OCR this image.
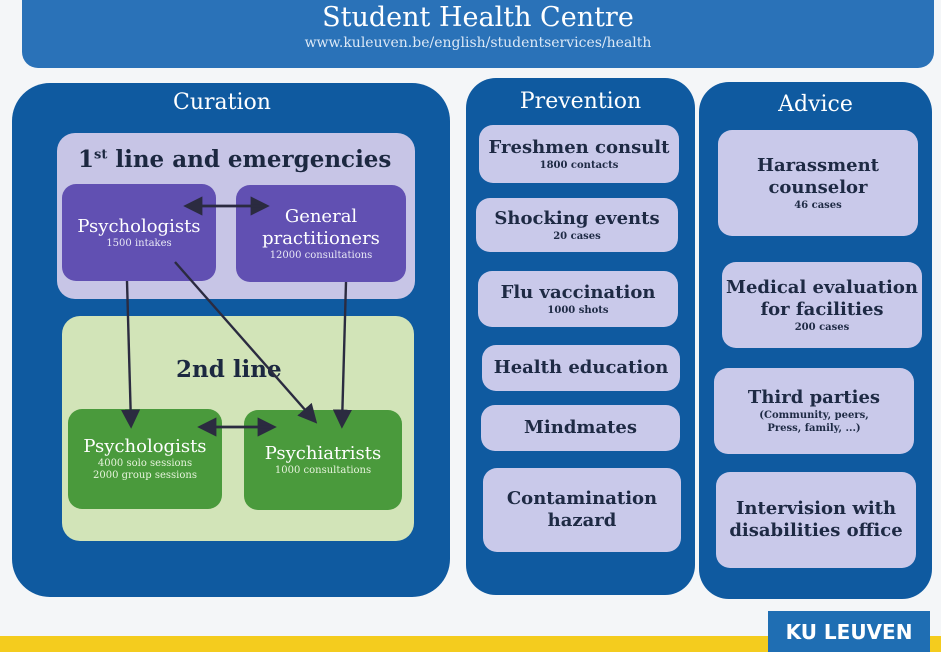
Student Health Centre
www.kuleuven.be/english/studentservices/health
Curation
1st line and emergencies
Psychologists
1500 intakes
General
practitioners
12000 consultations
2nd line
Psychologists
4000 solo sessions
2000 group sessions
Psychiatrists
1000 consultations
Prevention
Freshmen consult
1800 contacts
Shocking events
20 cases
Flu vaccination
1000 shots
Health education
Mindmates
Contamination
hazard
Advice
Harassment
counselor
46 cases
Medical evaluation
for facilities
200 cases
Third parties
(Community, peers,
Press, family, ...)
Intervision with
disabilities office
KU LEUVEN
